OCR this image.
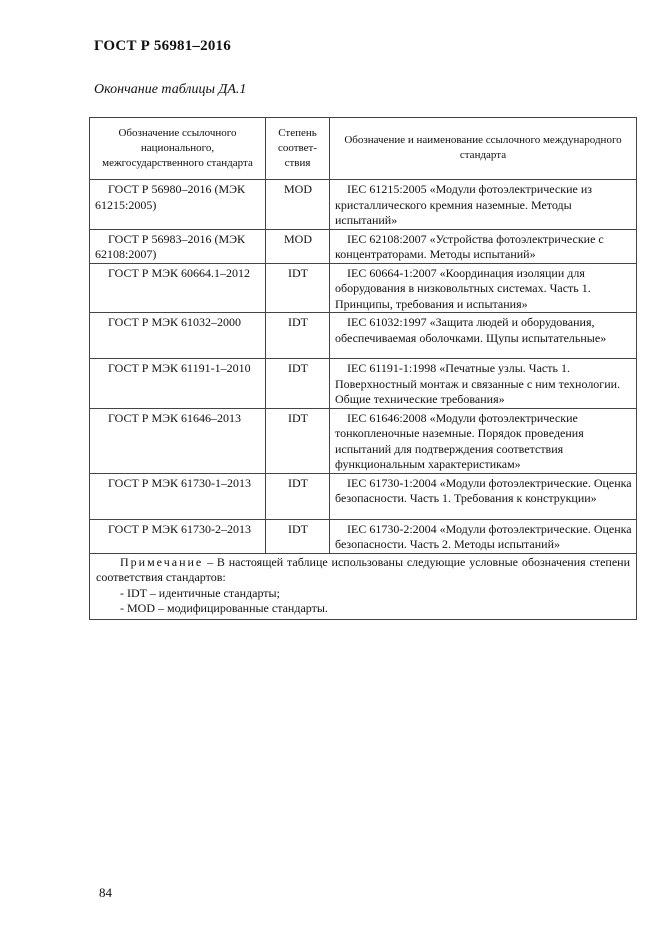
ГОСТ Р 56981–2016
Окончание таблицы ДА.1
Обозначение ссылочного национального, межгосударственного стандарта	Степень соответ-ствия	Обозначение и наименование ссылочного международного стандарта
ГОСТ Р 56980–2016 (МЭК 61215:2005)	MOD	IEC 61215:2005 «Модули фотоэлектрические из кристаллического кремния наземные. Методы испытаний»
ГОСТ Р 56983–2016 (МЭК 62108:2007)	MOD	IEC 62108:2007 «Устройства фотоэлектрические с концентраторами. Методы испытаний»
ГОСТ Р МЭК 60664.1–2012	IDT	IEC 60664-1:2007 «Координация изоляции для оборудования в низковольтных системах. Часть 1. Принципы, требования и испытания»
ГОСТ Р МЭК 61032–2000	IDT	IEC 61032:1997 «Защита людей и оборудования, обеспечиваемая оболочками. Щупы испытательные»
ГОСТ Р МЭК 61191-1–2010	IDT	IEC 61191-1:1998 «Печатные узлы. Часть 1. Поверхностный монтаж и связанные с ним технологии. Общие технические требования»
ГОСТ Р МЭК 61646–2013	IDT	IEC 61646:2008 «Модули фотоэлектрические тонкопленочные наземные. Порядок проведения испытаний для подтверждения соответствия функциональным характеристикам»
ГОСТ Р МЭК 61730-1–2013	IDT	IEC 61730-1:2004 «Модули фотоэлектрические. Оценка безопасности. Часть 1. Требования к конструкции»
ГОСТ Р МЭК 61730-2–2013	IDT	IEC 61730-2:2004 «Модули фотоэлектрические. Оценка безопасности. Часть 2. Методы испытаний»

Примечание – В настоящей таблице использованы следующие условные обозначения степени соответствия стандартов:
- IDT – идентичные стандарты;
- MOD – модифицированные стандарты.		
84
